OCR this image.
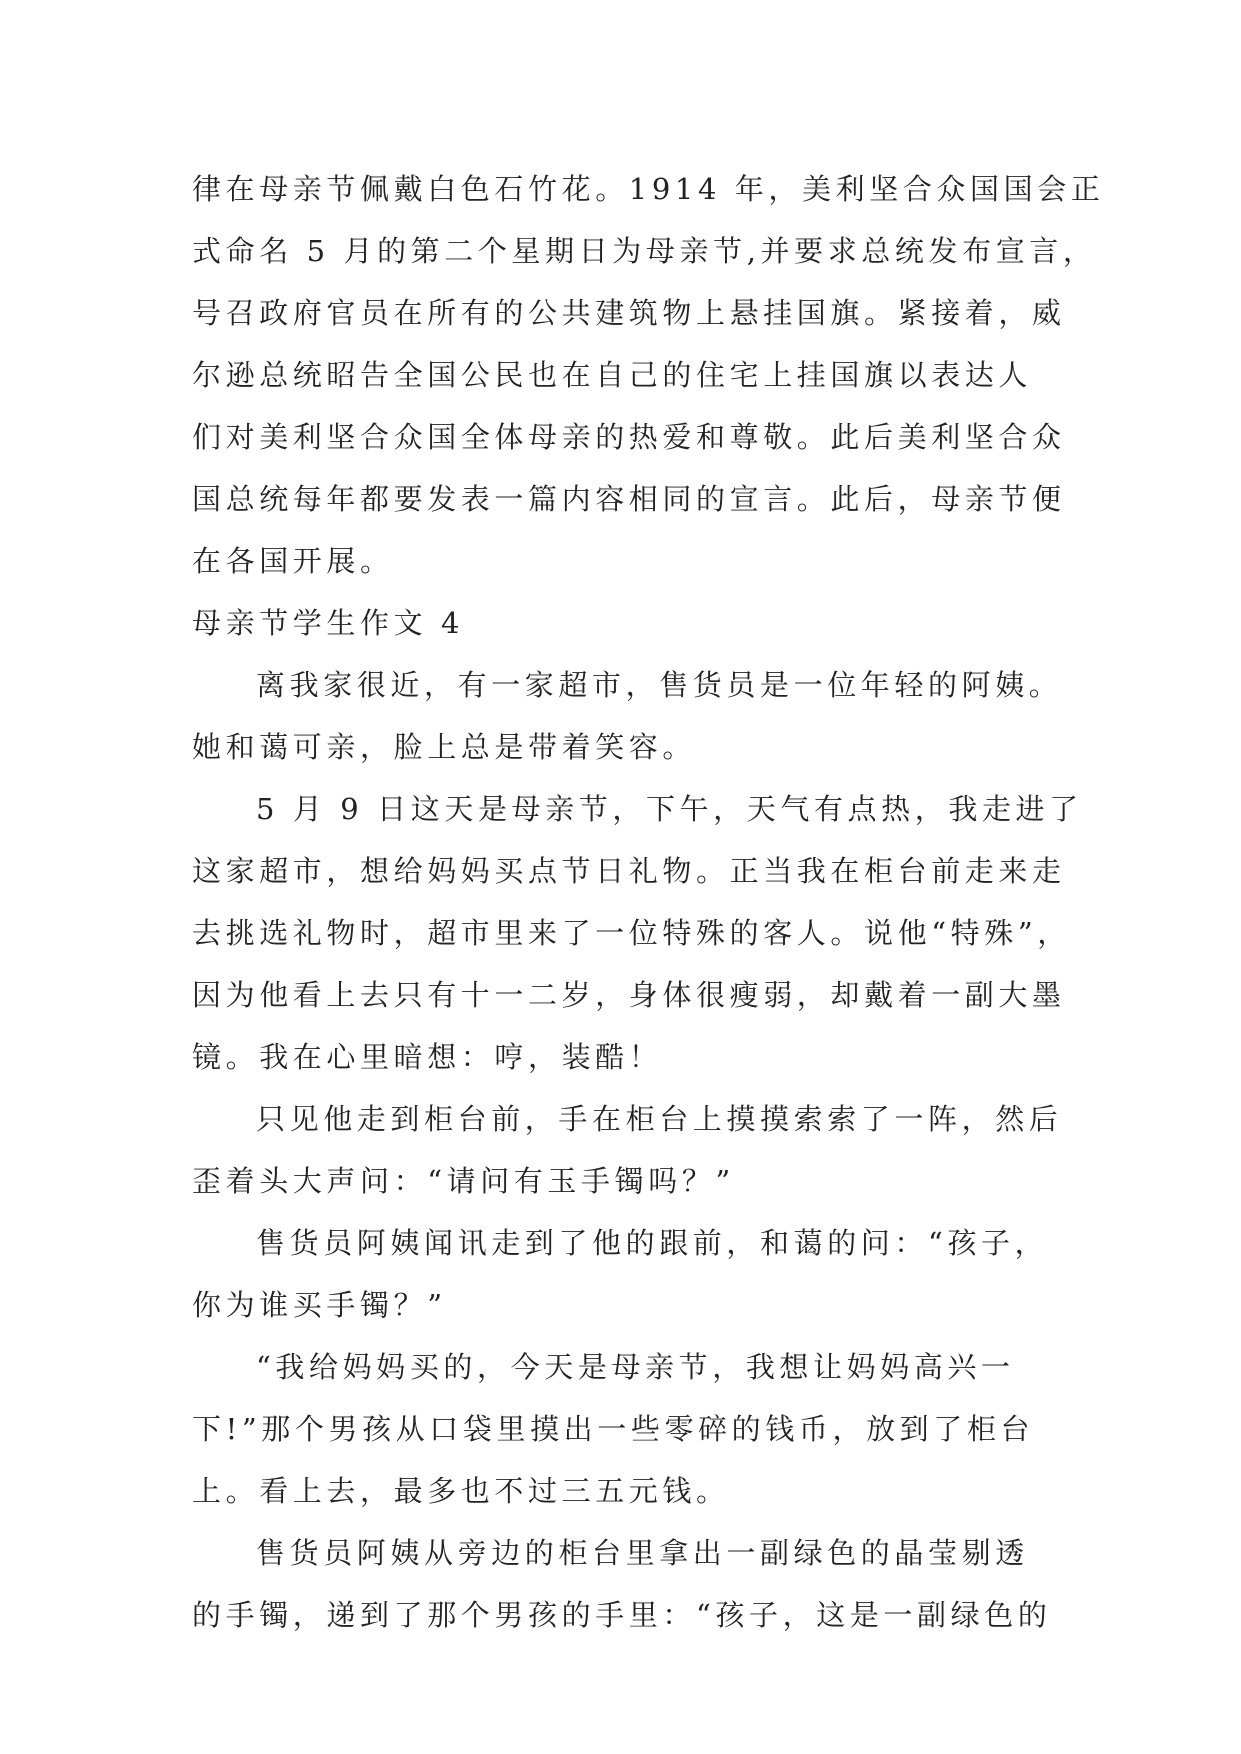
律在母亲节佩戴白色石竹花。1914 年，美利坚合众国国会正
式命名 5 月的第二个星期日为母亲节,并要求总统发布宣言，
号召政府官员在所有的公共建筑物上悬挂国旗。紧接着，威
尔逊总统昭告全国公民也在自己的住宅上挂国旗以表达人
们对美利坚合众国全体母亲的热爱和尊敬。此后美利坚合众
国总统每年都要发表一篇内容相同的宣言。此后，母亲节便
在各国开展。
母亲节学生作文 4
离我家很近，有一家超市，售货员是一位年轻的阿姨。
她和蔼可亲，脸上总是带着笑容。
5 月 9 日这天是母亲节，下午，天气有点热，我走进了
这家超市，想给妈妈买点节日礼物。正当我在柜台前走来走
去挑选礼物时，超市里来了一位特殊的客人。说他“特殊”，
因为他看上去只有十一二岁，身体很瘦弱，却戴着一副大墨
镜。我在心里暗想：哼，装酷！
只见他走到柜台前，手在柜台上摸摸索索了一阵，然后
歪着头大声问：“请问有玉手镯吗？”
售货员阿姨闻讯走到了他的跟前，和蔼的问：“孩子，
你为谁买手镯？”
“我给妈妈买的，今天是母亲节，我想让妈妈高兴一
下!”那个男孩从口袋里摸出一些零碎的钱币，放到了柜台
上。看上去，最多也不过三五元钱。
售货员阿姨从旁边的柜台里拿出一副绿色的晶莹剔透
的手镯，递到了那个男孩的手里：“孩子，这是一副绿色的
